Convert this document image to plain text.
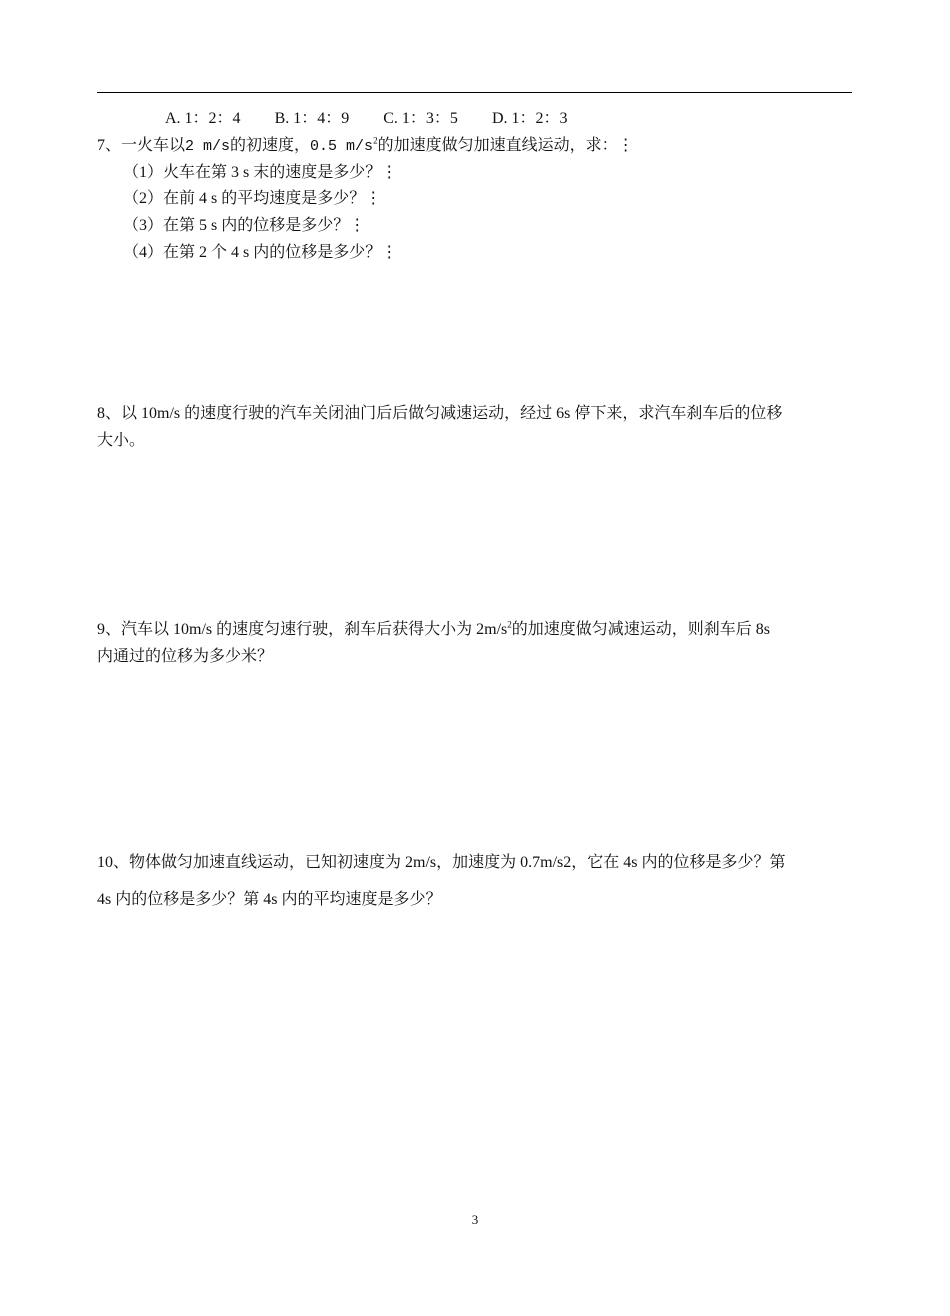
A. 1：2：4 B. 1：4：9 C. 1：3：5 D. 1：2：3
7、一火车以2 m/s的初速度，0.5 $m/s^2$的加速度做匀加速直线运动，求：⋮
（1）火车在第 3 s 末的速度是多少？⋮
（2）在前 4 s 的平均速度是多少？⋮
（3）在第 5 s 内的位移是多少？⋮
（4）在第 2 个 4 s 内的位移是多少？⋮
8、以 10m/s 的速度行驶的汽车关闭油门后后做匀减速运动，经过 6s 停下来，求汽车刹车后的位移
大小。
9、汽车以 10m/s 的速度匀速行驶，刹车后获得大小为 $2m/s^2$的加速度做匀减速运动，则刹车后 8s
内通过的位移为多少米？
10、物体做匀加速直线运动，已知初速度为 2m/s，加速度为 0.7m/s2，它在 4s 内的位移是多少？第
4s 内的位移是多少？第 4s 内的平均速度是多少？
3
